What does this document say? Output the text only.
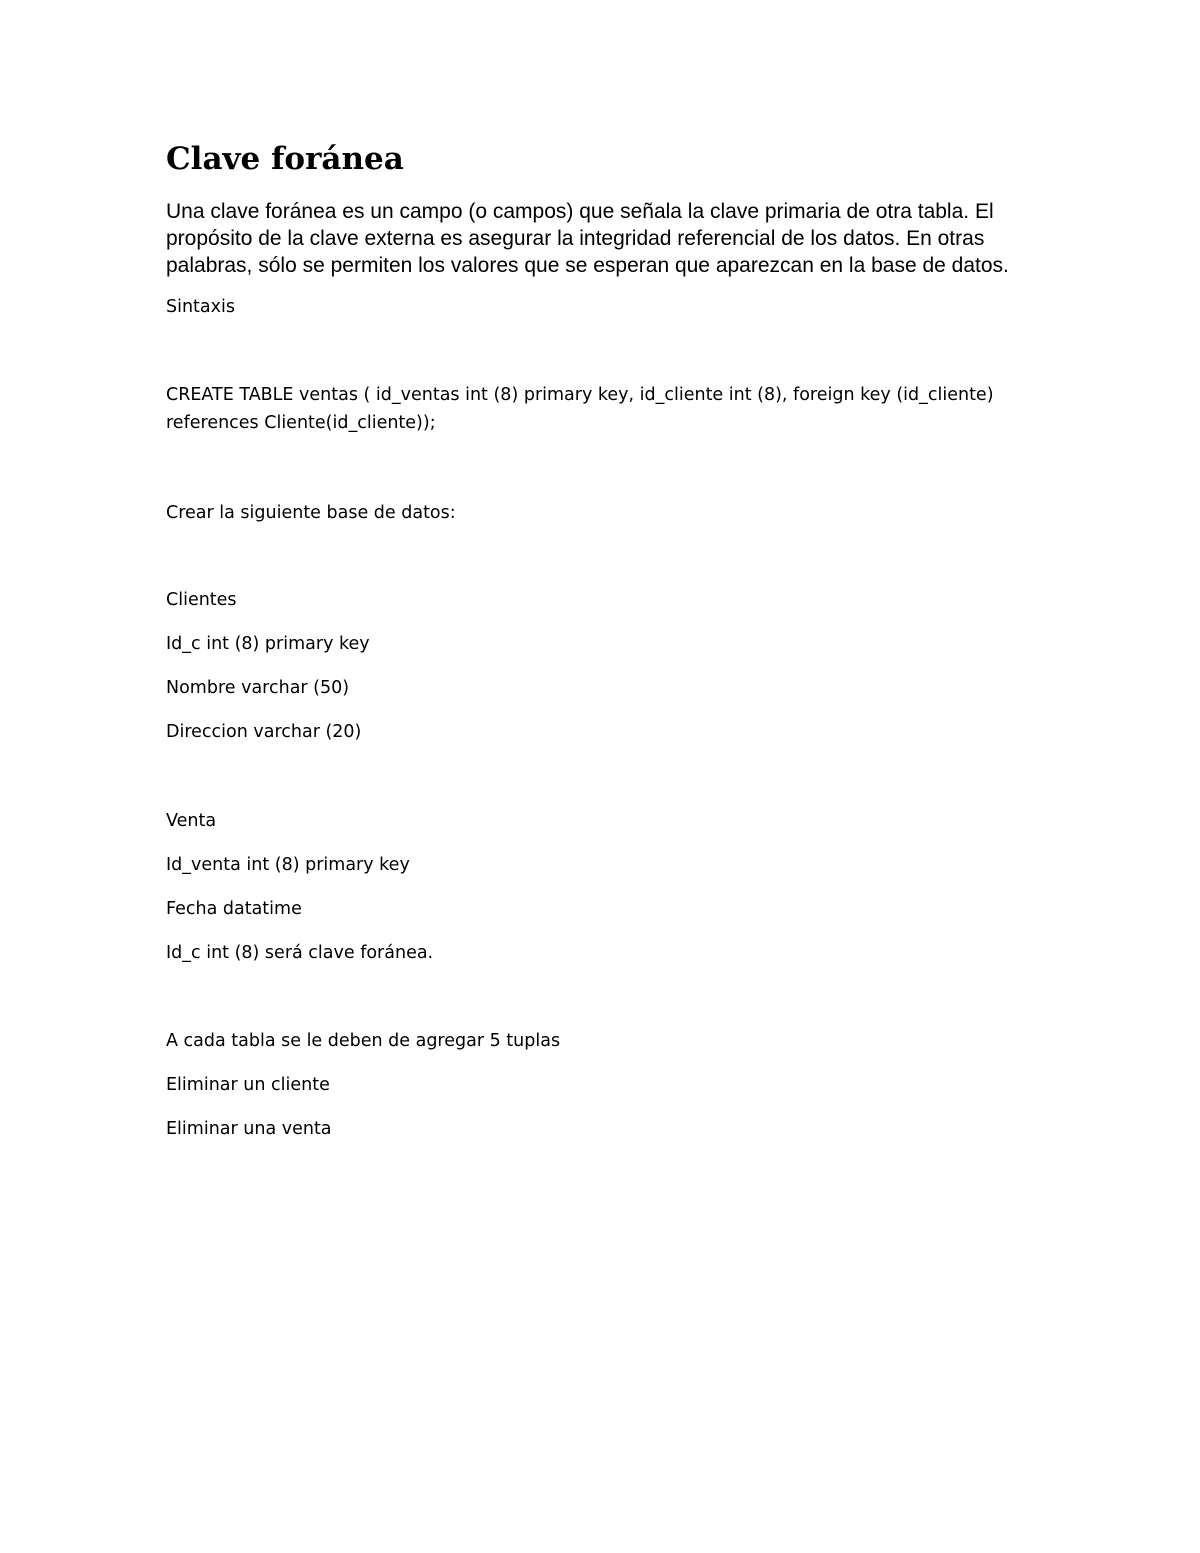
Clave foránea

Una clave foránea es un campo (o campos) que señala la clave primaria de otra tabla. El propósito de la clave externa es asegurar la integridad referencial de los datos. En otras palabras, sólo se permiten los valores que se esperan que aparezcan en la base de datos.

Sintaxis

CREATE TABLE ventas ( id_ventas int (8) primary key, id_cliente int (8), foreign key (id_cliente) references Cliente(id_cliente));

Crear la siguiente base de datos:

Clientes

Id_c int (8) primary key

Nombre varchar (50)

Direccion varchar (20)

Venta

Id_venta int (8) primary key

Fecha datatime

Id_c int (8) será clave foránea.

A cada tabla se le deben de agregar 5 tuplas

Eliminar un cliente

Eliminar una venta
